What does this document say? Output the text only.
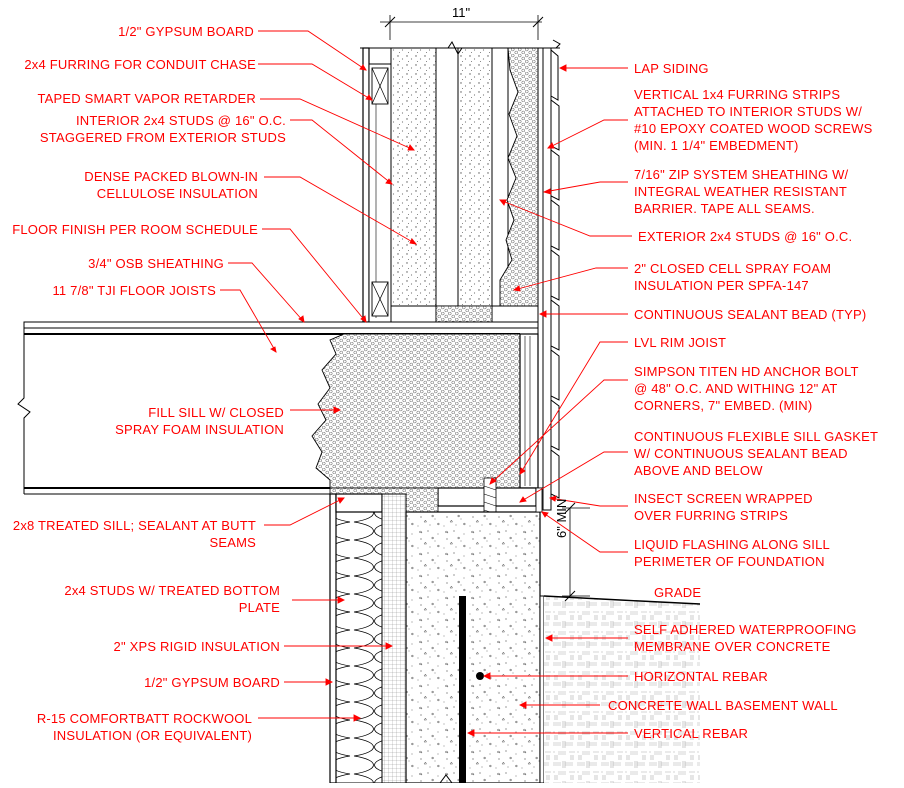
11"
6" MIN
1/2" GYPSUM BOARD
2x4 FURRING FOR CONDUIT CHASE
TAPED SMART VAPOR RETARDER
INTERIOR 2x4 STUDS @ 16" O.C.
STAGGERED FROM EXTERIOR STUDS
DENSE PACKED BLOWN-IN
CELLULOSE INSULATION
FLOOR FINISH PER ROOM SCHEDULE
3/4" OSB SHEATHING
11 7/8" TJI FLOOR JOISTS
FILL SILL W/ CLOSED
SPRAY FOAM INSULATION
2x8 TREATED SILL; SEALANT AT BUTT
SEAMS
2x4 STUDS W/ TREATED BOTTOM
PLATE
2" XPS RIGID INSULATION
1/2" GYPSUM BOARD
R-15 COMFORTBATT ROCKWOOL
INSULATION (OR EQUIVALENT)
LAP SIDING
VERTICAL 1x4 FURRING STRIPS
ATTACHED TO INTERIOR STUDS W/
#10 EPOXY COATED WOOD SCREWS
(MIN. 1 1/4" EMBEDMENT)
7/16" ZIP SYSTEM SHEATHING W/
INTEGRAL WEATHER RESISTANT
BARRIER. TAPE ALL SEAMS.
EXTERIOR 2x4 STUDS @ 16" O.C.
2" CLOSED CELL SPRAY FOAM
INSULATION PER SPFA-147
CONTINUOUS SEALANT BEAD (TYP)
LVL RIM JOIST
SIMPSON TITEN HD ANCHOR BOLT
@ 48" O.C. AND WITHING 12" AT
CORNERS, 7" EMBED. (MIN)
CONTINUOUS FLEXIBLE SILL GASKET
W/ CONTINUOUS SEALANT BEAD
ABOVE AND BELOW
INSECT SCREEN WRAPPED
OVER FURRING STRIPS
LIQUID FLASHING ALONG SILL
PERIMETER OF FOUNDATION
GRADE
SELF ADHERED WATERPROOFING
MEMBRANE OVER CONCRETE
HORIZONTAL REBAR
CONCRETE WALL BASEMENT WALL
VERTICAL REBAR
